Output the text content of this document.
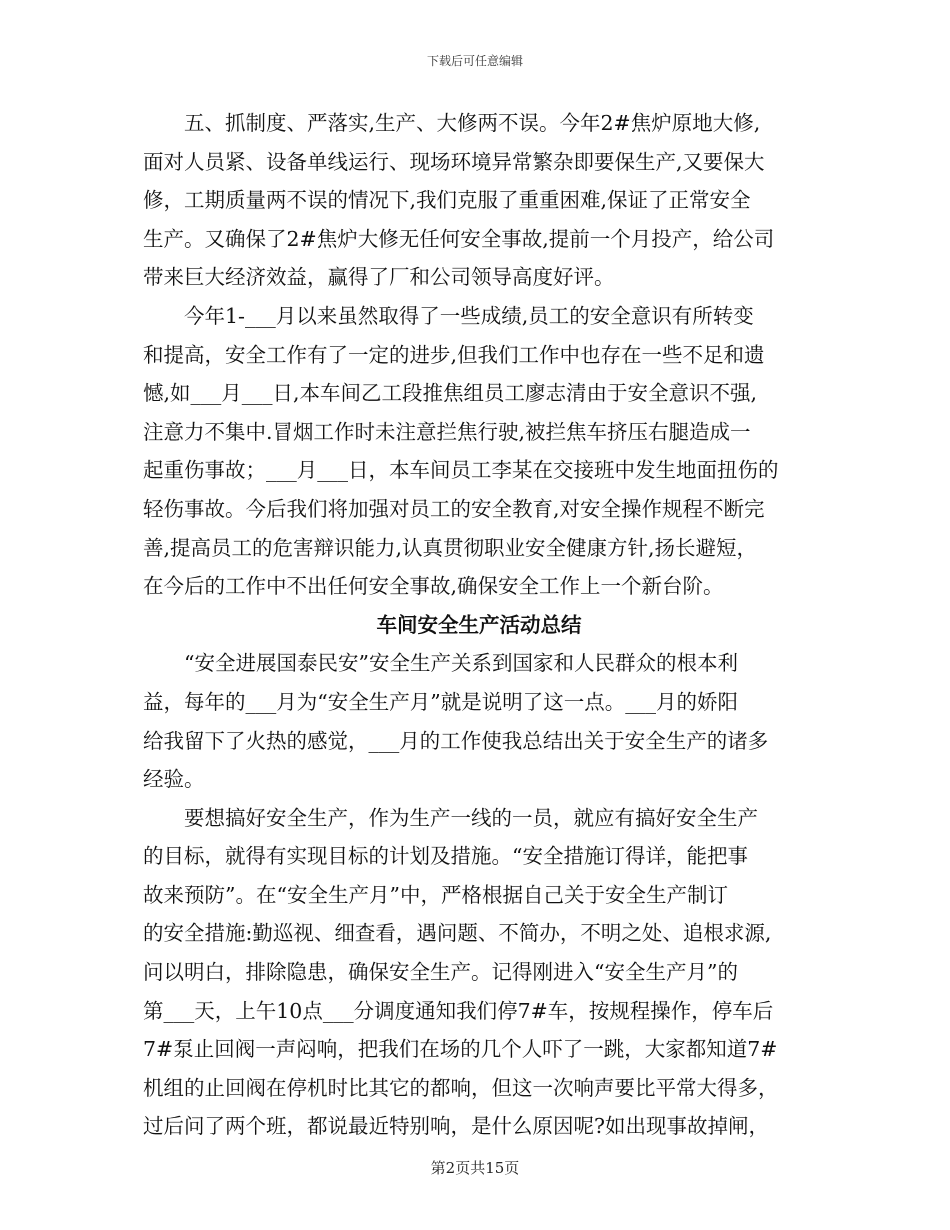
下载后可任意编辑

　　五、抓制度、严落实,生产、大修两不误。今年2#焦炉原地大修,
面对人员紧、设备单线运行、现场环境异常繁杂即要保生产,又要保大
修，工期质量两不误的情况下,我们克服了重重困难,保证了正常安全
生产。又确保了2#焦炉大修无任何安全事故,提前一个月投产，给公司
带来巨大经济效益，赢得了厂和公司领导高度好评。

　　今年1-___月以来虽然取得了一些成绩,员工的安全意识有所转变
和提高，安全工作有了一定的进步,但我们工作中也存在一些不足和遗
憾,如___月___日,本车间乙工段推焦组员工廖志清由于安全意识不强,
注意力不集中.冒烟工作时未注意拦焦行驶,被拦焦车挤压右腿造成一
起重伤事故；___月___日，本车间员工李某在交接班中发生地面扭伤的
轻伤事故。今后我们将加强对员工的安全教育,对安全操作规程不断完
善,提高员工的危害辩识能力,认真贯彻职业安全健康方针,扬长避短，
在今后的工作中不出任何安全事故,确保安全工作上一个新台阶。

车间安全生产活动总结

　　“安全进展国泰民安”安全生产关系到国家和人民群众的根本利
益，每年的___月为“安全生产月”就是说明了这一点。___月的娇阳
给我留下了火热的感觉，___月的工作使我总结出关于安全生产的诸多
经验。

　　要想搞好安全生产，作为生产一线的一员，就应有搞好安全生产
的目标，就得有实现目标的计划及措施。“安全措施订得详，能把事
故来预防”。在“安全生产月”中，严格根据自己关于安全生产制订
的安全措施:勤巡视、细查看，遇问题、不简办，不明之处、追根求源,
问以明白，排除隐患，确保安全生产。记得刚进入“安全生产月”的
第___天，上午10点___分调度通知我们停7#车，按规程操作，停车后
7#泵止回阀一声闷响，把我们在场的几个人吓了一跳，大家都知道7#
机组的止回阀在停机时比其它的都响，但这一次响声要比平常大得多，
过后问了两个班，都说最近特别响，是什么原因呢?如出现事故掉闸，

第2页共15页
